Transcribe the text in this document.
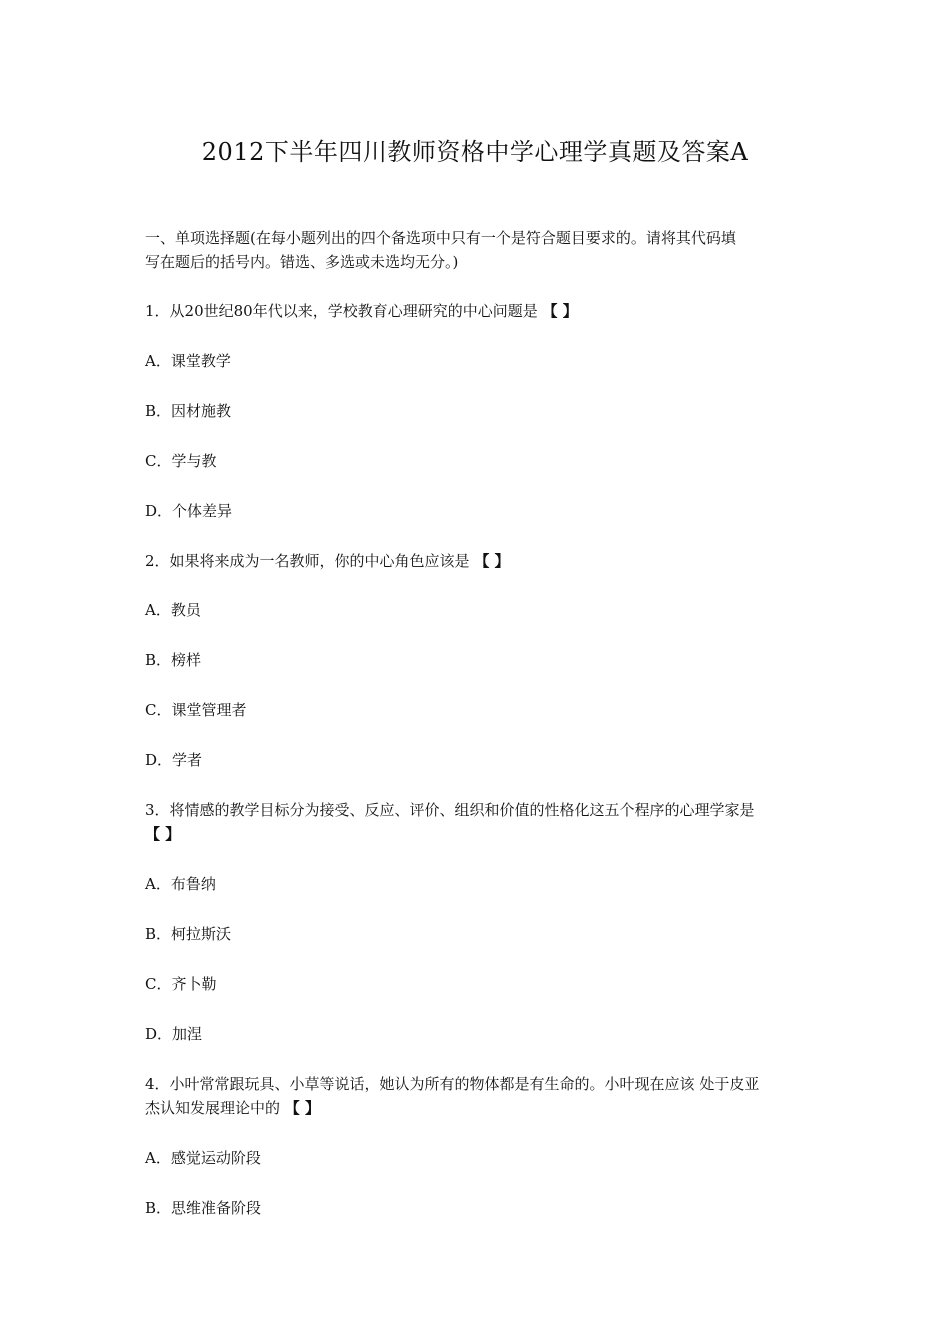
2012下半年四川教师资格中学心理学真题及答案A
一、单项选择题(在每小题列出的四个备选项中只有一个是符合题目要求的。请将其代码填
写在题后的括号内。错选、多选或未选均无分。)
1．从20世纪80年代以来，学校教育心理研究的中心问题是 【 】
A．课堂教学
B．因材施教
C．学与教
D．个体差异
2．如果将来成为一名教师，你的中心角色应该是 【 】
A．教员
B．榜样
C．课堂管理者
D．学者
3．将情感的教学目标分为接受、反应、评价、组织和价值的性格化这五个程序的心理学家是
【 】
A．布鲁纳
B．柯拉斯沃
C．齐卜勒
D．加涅
4．小叶常常跟玩具、小草等说话，她认为所有的物体都是有生命的。小叶现在应该 处于皮亚
杰认知发展理论中的 【 】
A．感觉运动阶段
B．思维准备阶段
